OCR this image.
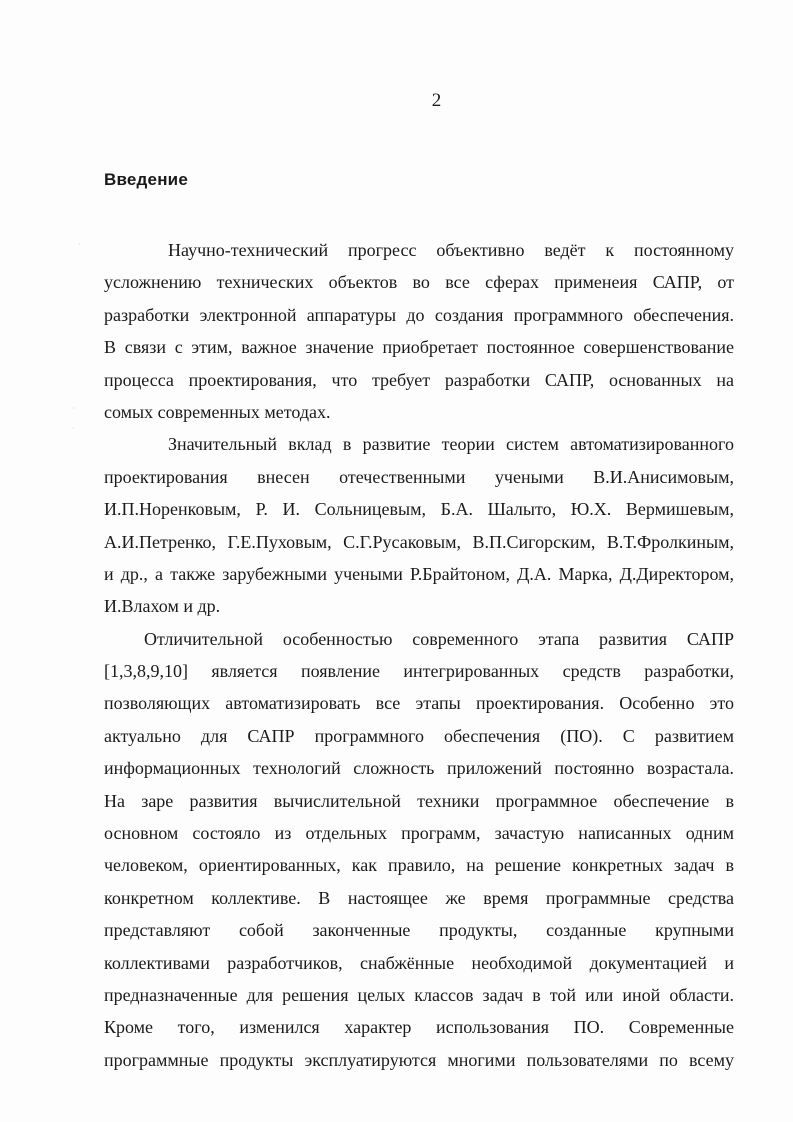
2
Введение
Научно-технический прогресс объективно ведёт к постоянному
усложнению технических объектов во все сферах применеия САПР, от
разработки электронной аппаратуры до создания программного обеспечения.
В связи с этим, важное значение приобретает постоянное совершенствование
процесса проектирования, что требует разработки САПР, основанных на
сомых современных методах.
Значительный вклад в развитие теории систем автоматизированного
проектирования внесен отечественными учеными В.И.Анисимовым,
И.П.Норенковым, Р. И. Сольницевым, Б.А. Шалыто, Ю.Х. Вермишевым,
А.И.Петренко, Г.Е.Пуховым, С.Г.Русаковым, В.П.Сигорским, В.Т.Фролкиным,
и др., а также зарубежными учеными Р.Брайтоном, Д.А. Марка, Д.Директором,
И.Влахом и др.
Отличительной особенностью современного этапа развития САПР
[1,3,8,9,10] является появление интегрированных средств разработки,
позволяющих автоматизировать все этапы проектирования. Особенно это
актуально для САПР программного обеспечения (ПО). С развитием
информационных технологий сложность приложений постоянно возрастала.
На заре развития вычислительной техники программное обеспечение в
основном состояло из отдельных программ, зачастую написанных одним
человеком, ориентированных, как правило, на решение конкретных задач в
конкретном коллективе. В настоящее же время программные средства
представляют собой законченные продукты, созданные крупными
коллективами разработчиков, снабжённые необходимой документацией и
предназначенные для решения целых классов задач в той или иной области.
Кроме того, изменился характер использования ПО. Современные
программные продукты эксплуатируются многими пользователями по всему
·
·
·
